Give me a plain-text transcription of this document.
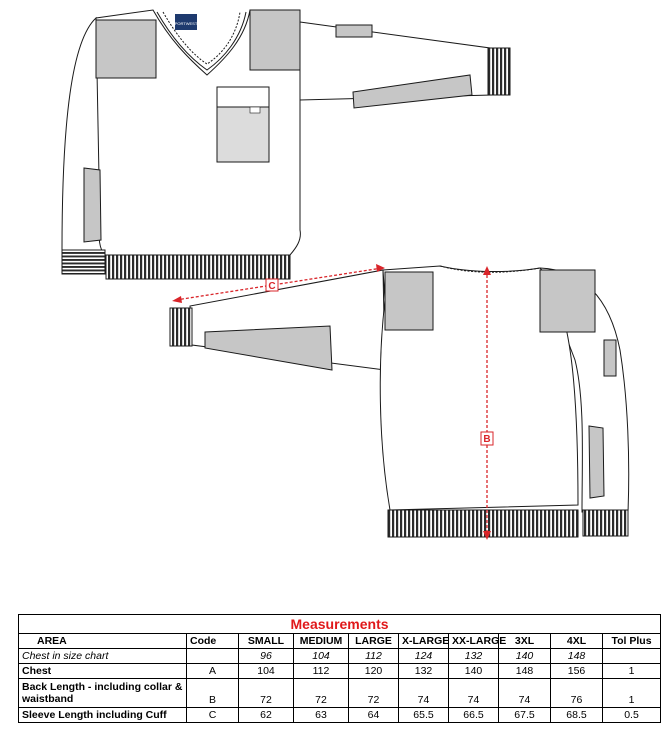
PORTWEST
C
B
Measurements									
AREA	Code	SMALL	MEDIUM	LARGE	X-LARGE	XX-LARGE	3XL	4XL	Tol Plus
Chest in size chart		96	104	112	124	132	140	148	
Chest	A	104	112	120	132	140	148	156	1
Back Length - including collar & waistband	B	72	72	72	74	74	74	76	1
Sleeve Length including Cuff	C	62	63	64	65.5	66.5	67.5	68.5	0.5
